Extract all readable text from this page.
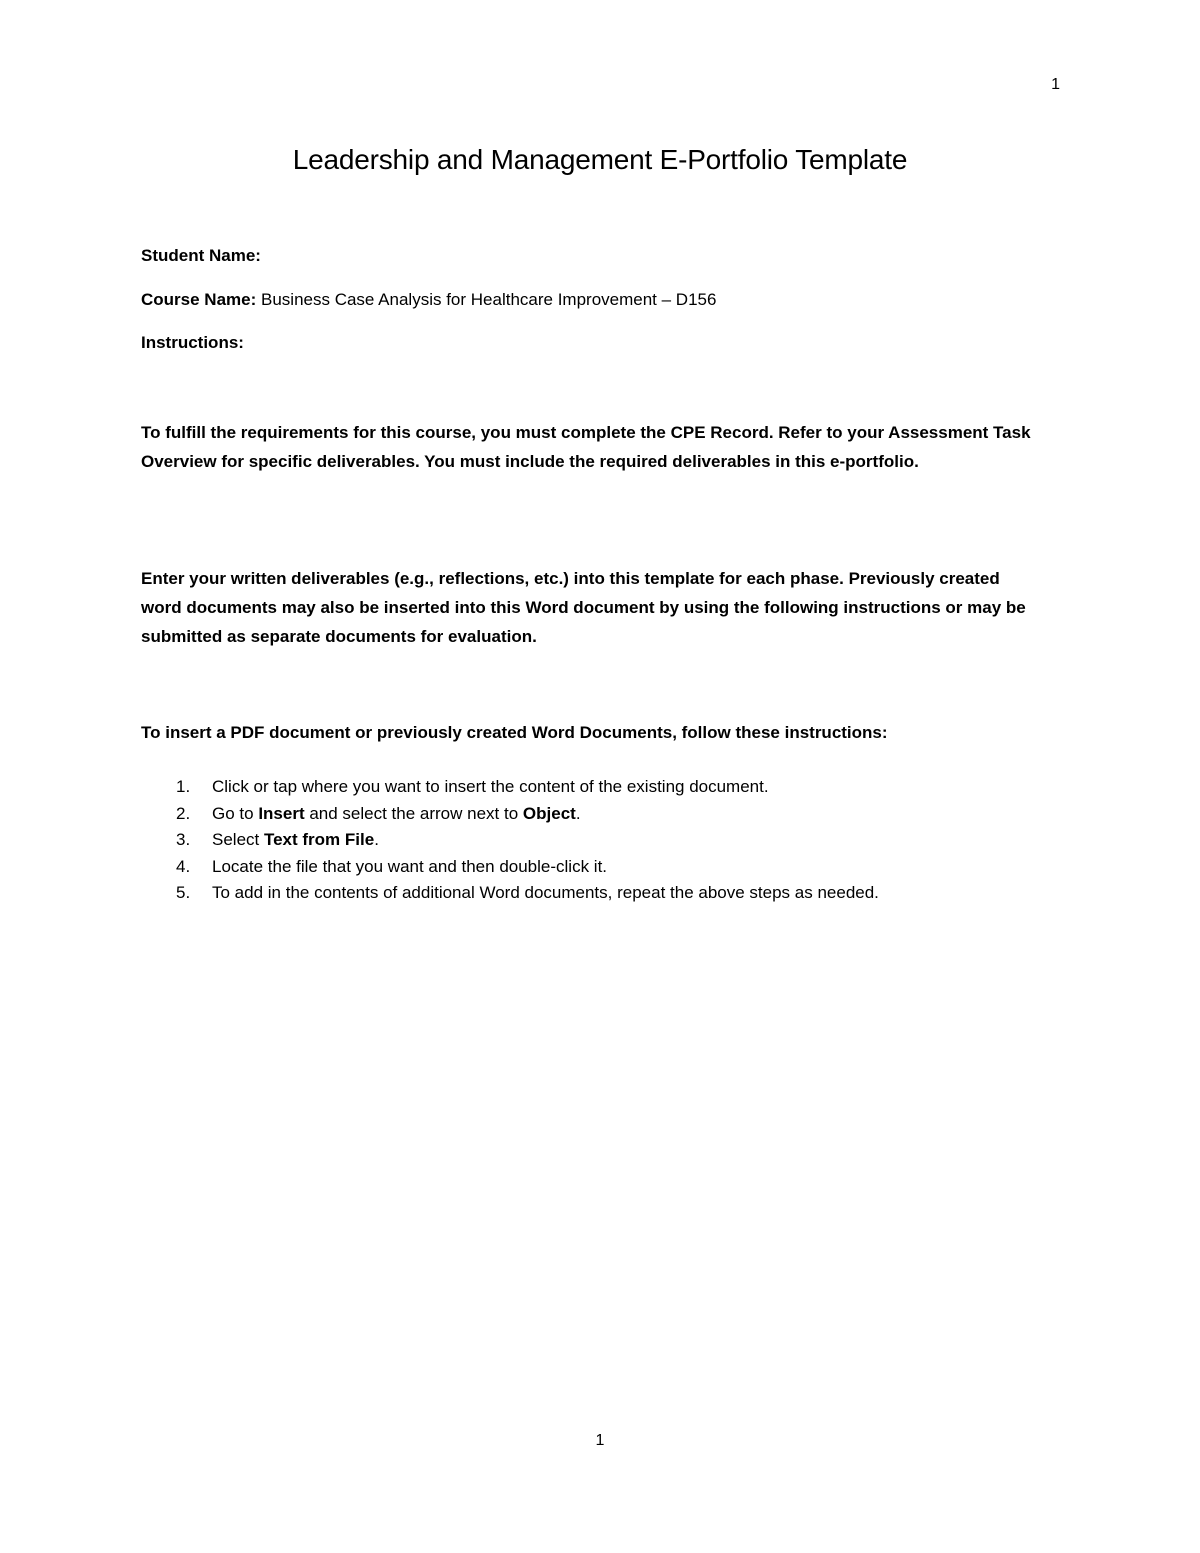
1
Leadership and Management E-Portfolio Template
Student Name:
Course Name: Business Case Analysis for Healthcare Improvement – D156
Instructions:

To fulfill the requirements for this course, you must complete the CPE Record. Refer to your Assessment Task Overview for specific deliverables. You must include the required deliverables in this e-portfolio.

Enter your written deliverables (e.g., reflections, etc.) into this template for each phase. Previously created word documents may also be inserted into this Word document by using the following instructions or may be submitted as separate documents for evaluation.

To insert a PDF document or previously created Word Documents, follow these instructions:

1. Click or tap where you want to insert the content of the existing document.
2. Go to Insert and select the arrow next to Object.
3. Select Text from File.
4. Locate the file that you want and then double-click it.
5. To add in the contents of additional Word documents, repeat the above steps as needed.
1
